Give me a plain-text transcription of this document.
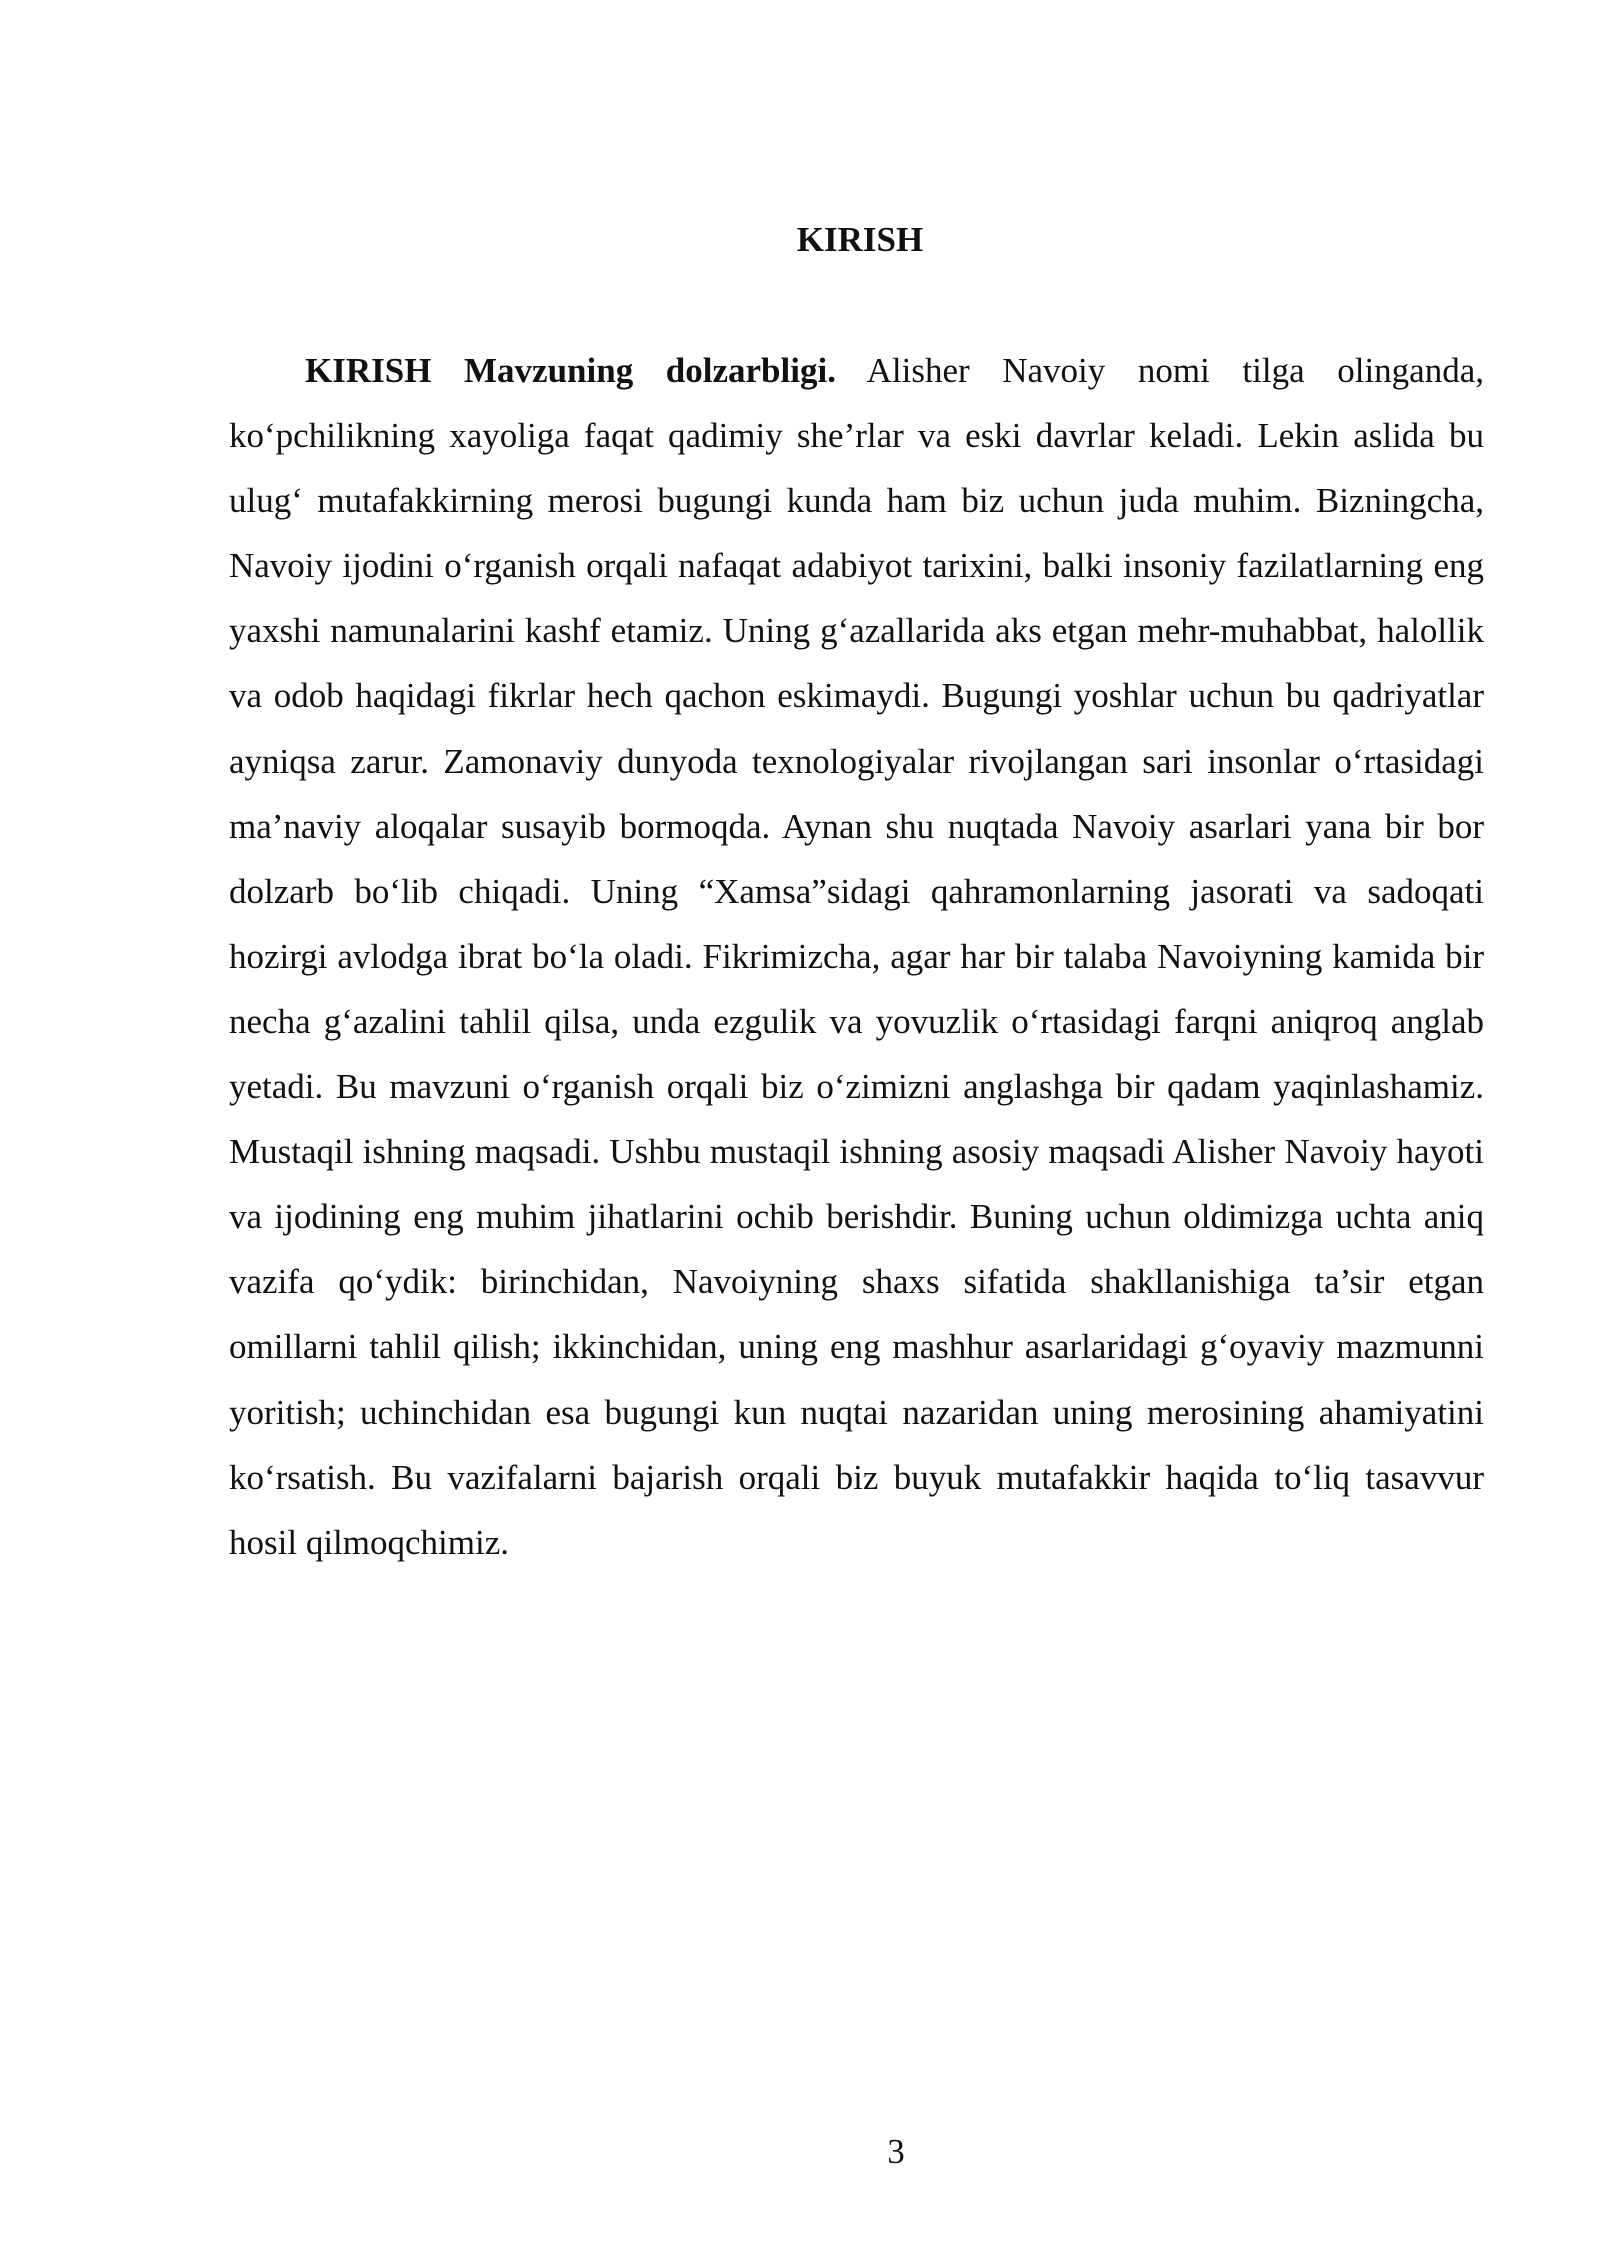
KIRISH

KIRISH Mavzuning dolzarbligi. Alisher Navoiy nomi tilga olinganda, ko‘pchilikning xayoliga faqat qadimiy she’rlar va eski davrlar keladi. Lekin aslida bu ulug‘ mutafakkirning merosi bugungi kunda ham biz uchun juda muhim. Bizningcha, Navoiy ijodini o‘rganish orqali nafaqat adabiyot tarixini, balki insoniy fazilatlarning eng yaxshi namunalarini kashf etamiz. Uning g‘azallarida aks etgan mehr-muhabbat, halollik va odob haqidagi fikrlar hech qachon eskimaydi. Bugungi yoshlar uchun bu qadriyatlar ayniqsa zarur. Zamonaviy dunyoda texnologiyalar rivojlangan sari insonlar o‘rtasidagi ma’naviy aloqalar susayib bormoqda. Aynan shu nuqtada Navoiy asarlari yana bir bor dolzarb bo‘lib chiqadi. Uning “Xamsa”sidagi qahramonlarning jasorati va sadoqati hozirgi avlodga ibrat bo‘la oladi. Fikrimizcha, agar har bir talaba Navoiyning kamida bir necha g‘azalini tahlil qilsa, unda ezgulik va yovuzlik o‘rtasidagi farqni aniqroq anglab yetadi. Bu mavzuni o‘rganish orqali biz o‘zimizni anglashga bir qadam yaqinlashamiz. Mustaqil ishning maqsadi. Ushbu mustaqil ishning asosiy maqsadi Alisher Navoiy hayoti va ijodining eng muhim jihatlarini ochib berishdir. Buning uchun oldimizga uchta aniq vazifa qo‘ydik: birinchidan, Navoiyning shaxs sifatida shakllanishiga ta’sir etgan omillarni tahlil qilish; ikkinchidan, uning eng mashhur asarlaridagi g‘oyaviy mazmunni yoritish; uchinchidan esa bugungi kun nuqtai nazaridan uning merosining ahamiyatini ko‘rsatish. Bu vazifalarni bajarish orqali biz buyuk mutafakkir haqida to‘liq tasavvur hosil qilmoqchimiz.

3
